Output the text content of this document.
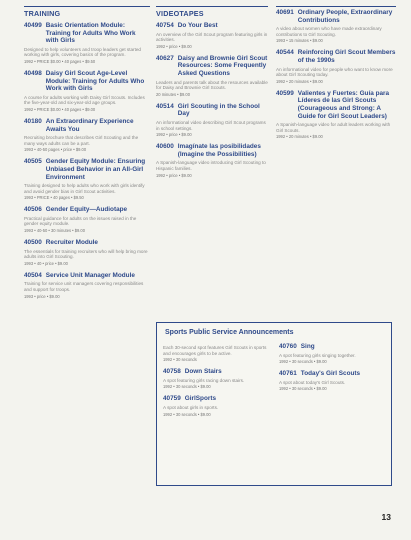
TRAINING
40499 Basic Orientation Module: Training for Adults Who Work with Girls
Designed to help volunteers and troop leaders get started working with girls, covering basics of the program.
1992 • PRICE $0.00 • 40 pages • $9.50
40498 Daisy Girl Scout Age-Level Module: Training for Adults Who Work with Girls
A course for adults working with Daisy Girl Scouts. Includes the five-year-old and six-year-old age groups.
1992 • PRICE $0.00 • 40 pages • $9.00
40180 An Extraordinary Experience Awaits You
Recruiting brochure that describes Girl Scouting and the many ways adults can be a part.
1993 • 40-50 pages • price • $9.00
40505 Gender Equity Module: Ensuring Unbiased Behavior in an All-Girl Environment
Training designed to help adults who work with girls identify and avoid gender bias in Girl Scout activities.
1993 • PRICE • 40 pages • $9.50
40506 Gender Equity—Audiotape
Practical guidance for adults on the issues raised in the gender equity module.
1993 • 40-50 • 30 minutes • $9.00
40500 Recruiter Module
The essentials for training recruiters who will help bring more adults into Girl Scouting.
1993 • 40 • price • $9.00
40504 Service Unit Manager Module
Training for service unit managers covering responsibilities and support for troops.
1993 • price • $9.00
VIDEOTAPES
40754 Do Your Best
An overview of the Girl Scout program featuring girls in activities.
1992 • price • $9.00
40627 Daisy and Brownie Girl Scout Resources: Some Frequently Asked Questions
Leaders and parents talk about the resources available for Daisy and Brownie Girl Scouts.
20 minutes • $9.00
40514 Girl Scouting in the School Day
An informational video describing Girl Scout programs in school settings.
1992 • price • $9.00
40600 Imagínate las posibilidades (Imagine the Possibilities)
A Spanish-language video introducing Girl Scouting to Hispanic families.
1992 • price • $9.00
40691 Ordinary People, Extraordinary Contributions
A video about women who have made extraordinary contributions to Girl Scouting.
1993 • 15 minutes • $9.00
40544 Reinforcing Girl Scout Members of the 1990s
An informational video for people who want to know more about Girl Scouting today.
1992 • 20 minutes • $9.00
40599 Valientes y Fuertes: Guía para Líderes de las Girl Scouts (Courageous and Strong: A Guide for Girl Scout Leaders)
A Spanish-language video for adult leaders working with Girl Scouts.
1992 • 20 minutes • $9.00
Sports Public Service Announcements
Each 30-second spot features Girl Scouts in sports and encourages girls to be active.
1992 • 30 seconds
40758 Down Stairs
A spot featuring girls racing down stairs.
1992 • 30 seconds • $9.00
40759 GirlSports
A spot about girls in sports.
1992 • 30 seconds • $9.00
40760 Sing
A spot featuring girls singing together.
1992 • 30 seconds • $9.00
40761 Today's Girl Scouts
A spot about today's Girl Scouts.
1992 • 30 seconds • $9.00
13
